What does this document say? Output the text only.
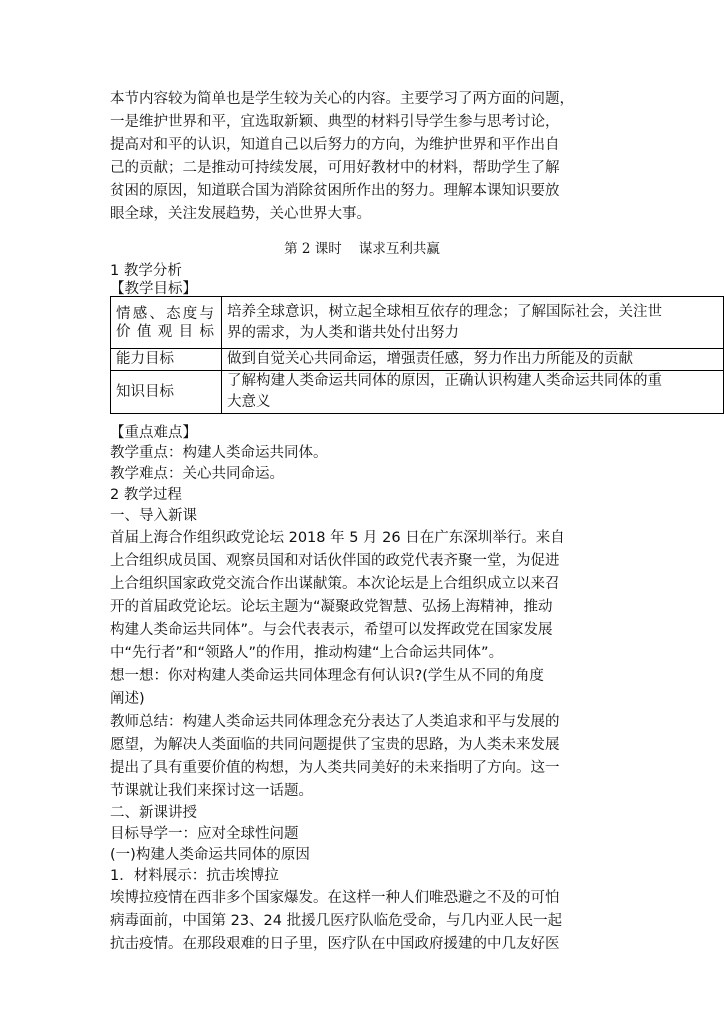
本节内容较为简单也是学生较为关心的内容。主要学习了两方面的问题，
一是维护世界和平，宜选取新颖、典型的材料引导学生参与思考讨论，
提高对和平的认识，知道自己以后努力的方向，为维护世界和平作出自
己的贡献；二是推动可持续发展，可用好教材中的材料，帮助学生了解
贫困的原因，知道联合国为消除贫困所作出的努力。理解本课知识要放
眼全球，关注发展趋势，关心世界大事。
第 2 课时    谋求互利共赢
1 教学分析
【教学目标】
情感、态度与价值观目标	培养全球意识，树立起全球相互依存的理念；了解国际社会，关注世
界的需求，为人类和谐共处付出努力

能力目标	做到自觉关心共同命运，增强责任感，努力作出力所能及的贡献
知识目标	了解构建人类命运共同体的原因，正确认识构建人类命运共同体的重
大意义
【重点难点】
教学重点：构建人类命运共同体。
教学难点：关心共同命运。
2 教学过程
一、导入新课
首届上海合作组织政党论坛 2018 年 5 月 26 日在广东深圳举行。来自
上合组织成员国、观察员国和对话伙伴国的政党代表齐聚一堂，为促进
上合组织国家政党交流合作出谋献策。本次论坛是上合组织成立以来召
开的首届政党论坛。论坛主题为“凝聚政党智慧、弘扬上海精神，推动
构建人类命运共同体”。与会代表表示，希望可以发挥政党在国家发展
中“先行者”和“领路人”的作用，推动构建“上合命运共同体”。
想一想：你对构建人类命运共同体理念有何认识?(学生从不同的角度
阐述)
教师总结：构建人类命运共同体理念充分表达了人类追求和平与发展的
愿望，为解决人类面临的共同问题提供了宝贵的思路，为人类未来发展
提出了具有重要价值的构想，为人类共同美好的未来指明了方向。这一
节课就让我们来探讨这一话题。
二、新课讲授
目标导学一：应对全球性问题
(一)构建人类命运共同体的原因
1．材料展示：抗击埃博拉
埃博拉疫情在西非多个国家爆发。在这样一种人们唯恐避之不及的可怕
病毒面前，中国第 23、24 批援几医疗队临危受命，与几内亚人民一起
抗击疫情。在那段艰难的日子里，医疗队在中国政府援建的中几友好医
